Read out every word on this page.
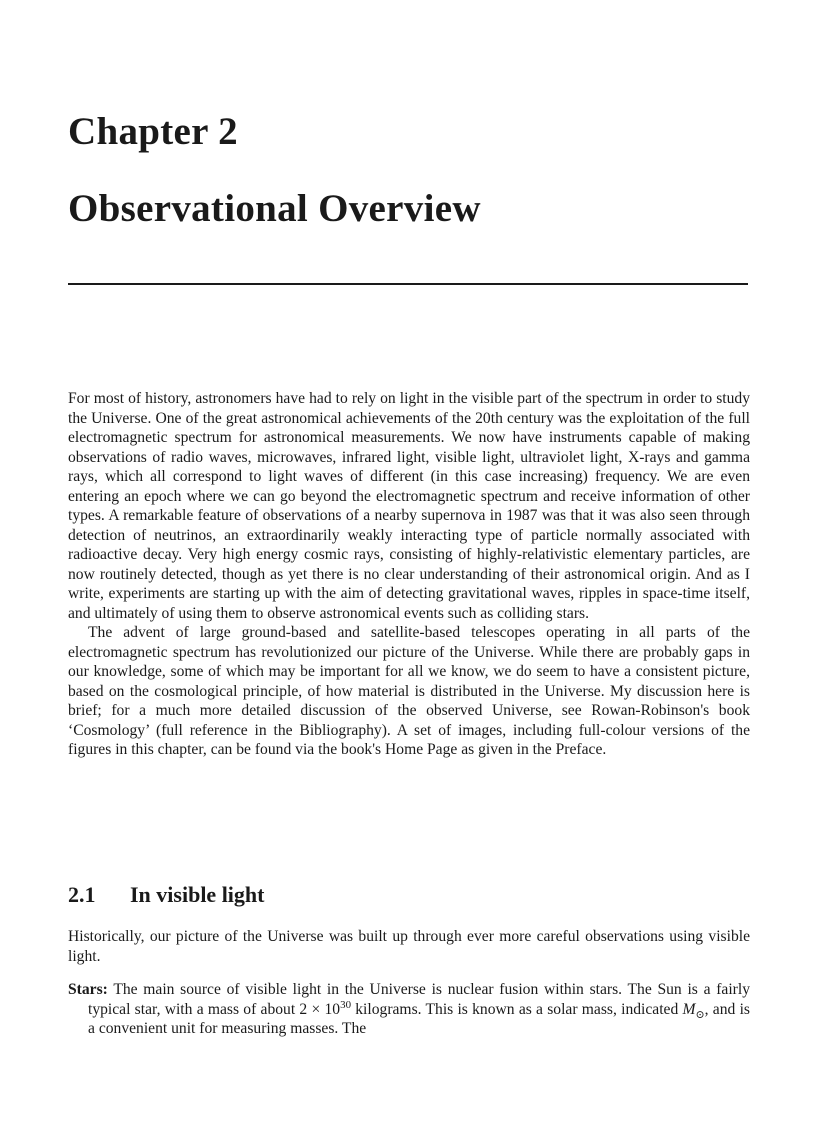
Chapter 2
Observational Overview

For most of history, astronomers have had to rely on light in the visible part of the spectrum in order to study the Universe. One of the great astronomical achievements of the 20th century was the exploitation of the full electromagnetic spectrum for astronomical measurements. We now have instruments capable of making observations of radio waves, microwaves, infrared light, visible light, ultraviolet light, X-rays and gamma rays, which all correspond to light waves of different (in this case increasing) frequency. We are even entering an epoch where we can go beyond the electromagnetic spectrum and receive information of other types. A remarkable feature of observations of a nearby supernova in 1987 was that it was also seen through detection of neutrinos, an extraordinarily weakly interacting type of particle normally associated with radioactive decay. Very high energy cosmic rays, consisting of highly-relativistic elementary particles, are now routinely detected, though as yet there is no clear understanding of their astronomical origin. And as I write, experiments are starting up with the aim of detecting gravitational waves, ripples in space-time itself, and ultimately of using them to observe astronomical events such as colliding stars.

The advent of large ground-based and satellite-based telescopes operating in all parts of the electromagnetic spectrum has revolutionized our picture of the Universe. While there are probably gaps in our knowledge, some of which may be important for all we know, we do seem to have a consistent picture, based on the cosmological principle, of how material is distributed in the Universe. My discussion here is brief; for a much more detailed discussion of the observed Universe, see Rowan-Robinson's book ‘Cosmology’ (full reference in the Bibliography). A set of images, including full-colour versions of the figures in this chapter, can be found via the book's Home Page as given in the Preface.

2.1 In visible light

Historically, our picture of the Universe was built up through ever more careful observations using visible light.

Stars: The main source of visible light in the Universe is nuclear fusion within stars. The Sun is a fairly typical star, with a mass of about $2 \times 10^{30}$ kilograms. This is known as a solar mass, indicated $M_⊙$, and is a convenient unit for measuring masses. The
